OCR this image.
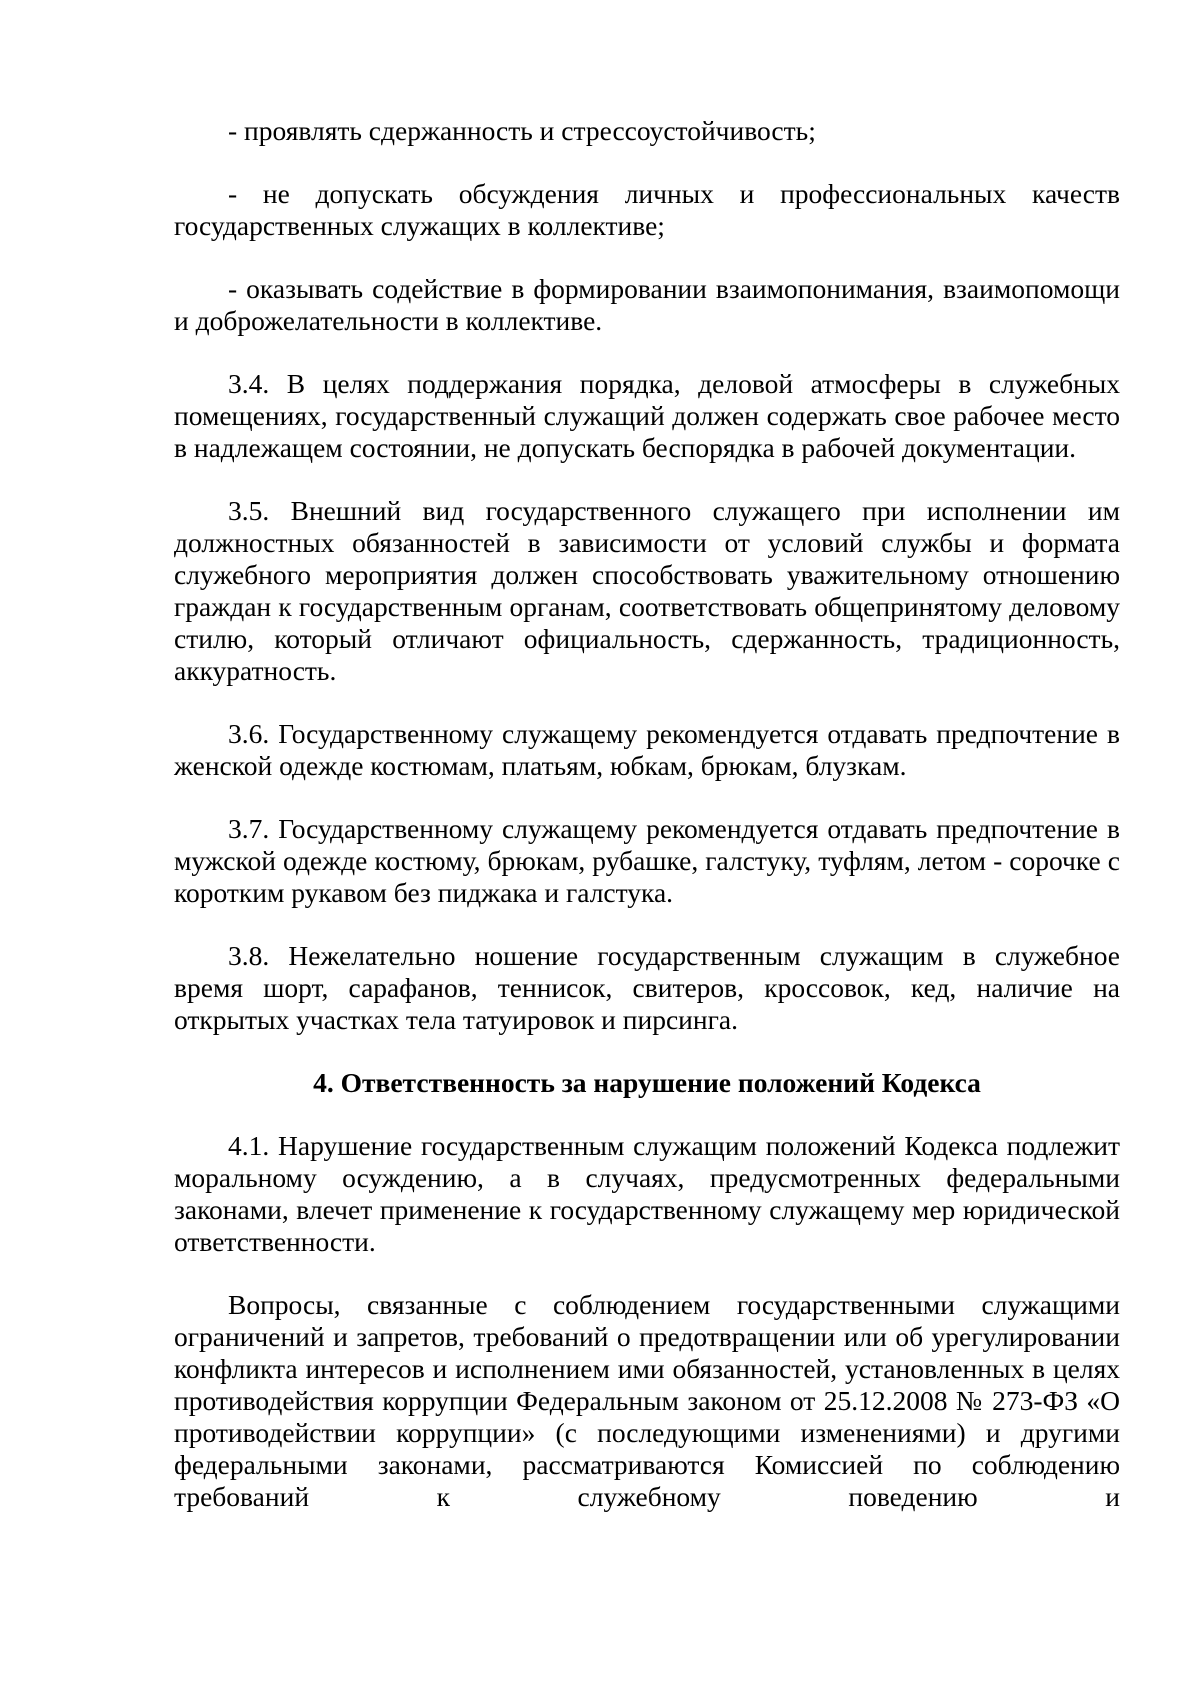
- проявлять сдержанность и стрессоустойчивость;

- не допускать обсуждения личных и профессиональных качеств государственных служащих в коллективе;

- оказывать содействие в формировании взаимопонимания, взаимопомощи и доброжелательности в коллективе.

3.4. В целях поддержания порядка, деловой атмосферы в служебных помещениях, государственный служащий должен содержать свое рабочее место в надлежащем состоянии, не допускать беспорядка в рабочей документации.

3.5. Внешний вид государственного служащего при исполнении им должностных обязанностей в зависимости от условий службы и формата служебного мероприятия должен способствовать уважительному отношению граждан к государственным органам, соответствовать общепринятому деловому стилю, который отличают официальность, сдержанность, традиционность, аккуратность.

3.6. Государственному служащему рекомендуется отдавать предпочтение в женской одежде костюмам, платьям, юбкам, брюкам, блузкам.

3.7. Государственному служащему рекомендуется отдавать предпочтение в мужской одежде костюму, брюкам, рубашке, галстуку, туфлям, летом - сорочке с коротким рукавом без пиджака и галстука.

3.8. Нежелательно ношение государственным служащим в служебное время шорт, сарафанов, теннисок, свитеров, кроссовок, кед, наличие на открытых участках тела татуировок и пирсинга.

4. Ответственность за нарушение положений Кодекса

4.1. Нарушение государственным служащим положений Кодекса подлежит моральному осуждению, а в случаях, предусмотренных федеральными законами, влечет применение к государственному служащему мер юридической ответственности.

Вопросы, связанные с соблюдением государственными служащими ограничений и запретов, требований о предотвращении или об урегулировании конфликта интересов и исполнением ими обязанностей, установленных в целях противодействия коррупции Федеральным законом от 25.12.2008 № 273-ФЗ «О противодействии коррупции» (с последующими изменениями) и другими федеральными законами, рассматриваются Комиссией по соблюдению требований к служебному поведению и
